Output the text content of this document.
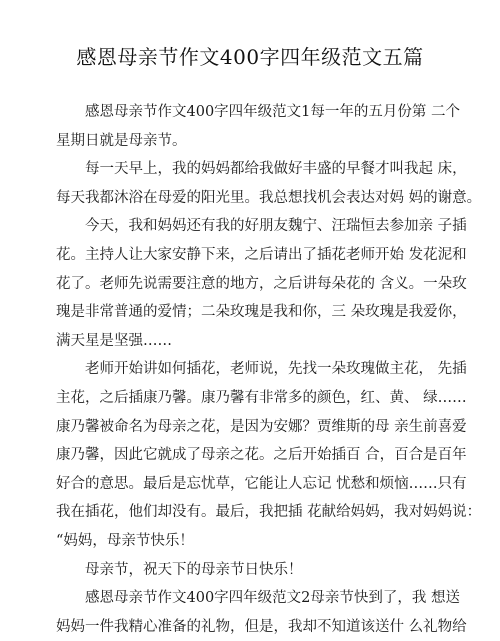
感恩母亲节作文400字四年级范文五篇
感恩母亲节作文400字四年级范文1每一年的五月份第 二个
星期日就是母亲节。
每一天早上，我的妈妈都给我做好丰盛的早餐才叫我起 床，
每天我都沐浴在母爱的阳光里。我总想找机会表达对妈 妈的谢意。
今天，我和妈妈还有我的好朋友魏宁、汪瑞恒去参加亲 子插
花。主持人让大家安静下来，之后请出了插花老师开始 发花泥和
花了。老师先说需要注意的地方，之后讲每朵花的 含义。一朵玫
瑰是非常普通的爱情；二朵玫瑰是我和你，三 朵玫瑰是我爱你，
满天星是坚强……
老师开始讲如何插花，老师说，先找一朵玫瑰做主花， 先插
主花，之后插康乃馨。康乃馨有非常多的颜色，红、黄、 绿……
康乃馨被命名为母亲之花，是因为安娜？贾维斯的母 亲生前喜爱
康乃馨，因此它就成了母亲之花。之后开始插百 合，百合是百年
好合的意思。最后是忘忧草，它能让人忘记 忧愁和烦恼……只有
我在插花，他们却没有。最后，我把插 花献给妈妈，我对妈妈说：
“妈妈，母亲节快乐！
母亲节，祝天下的母亲节日快乐！
感恩母亲节作文400字四年级范文2母亲节快到了，我 想送
妈妈一件我精心准备的礼物，但是，我却不知道该送什 么礼物给
